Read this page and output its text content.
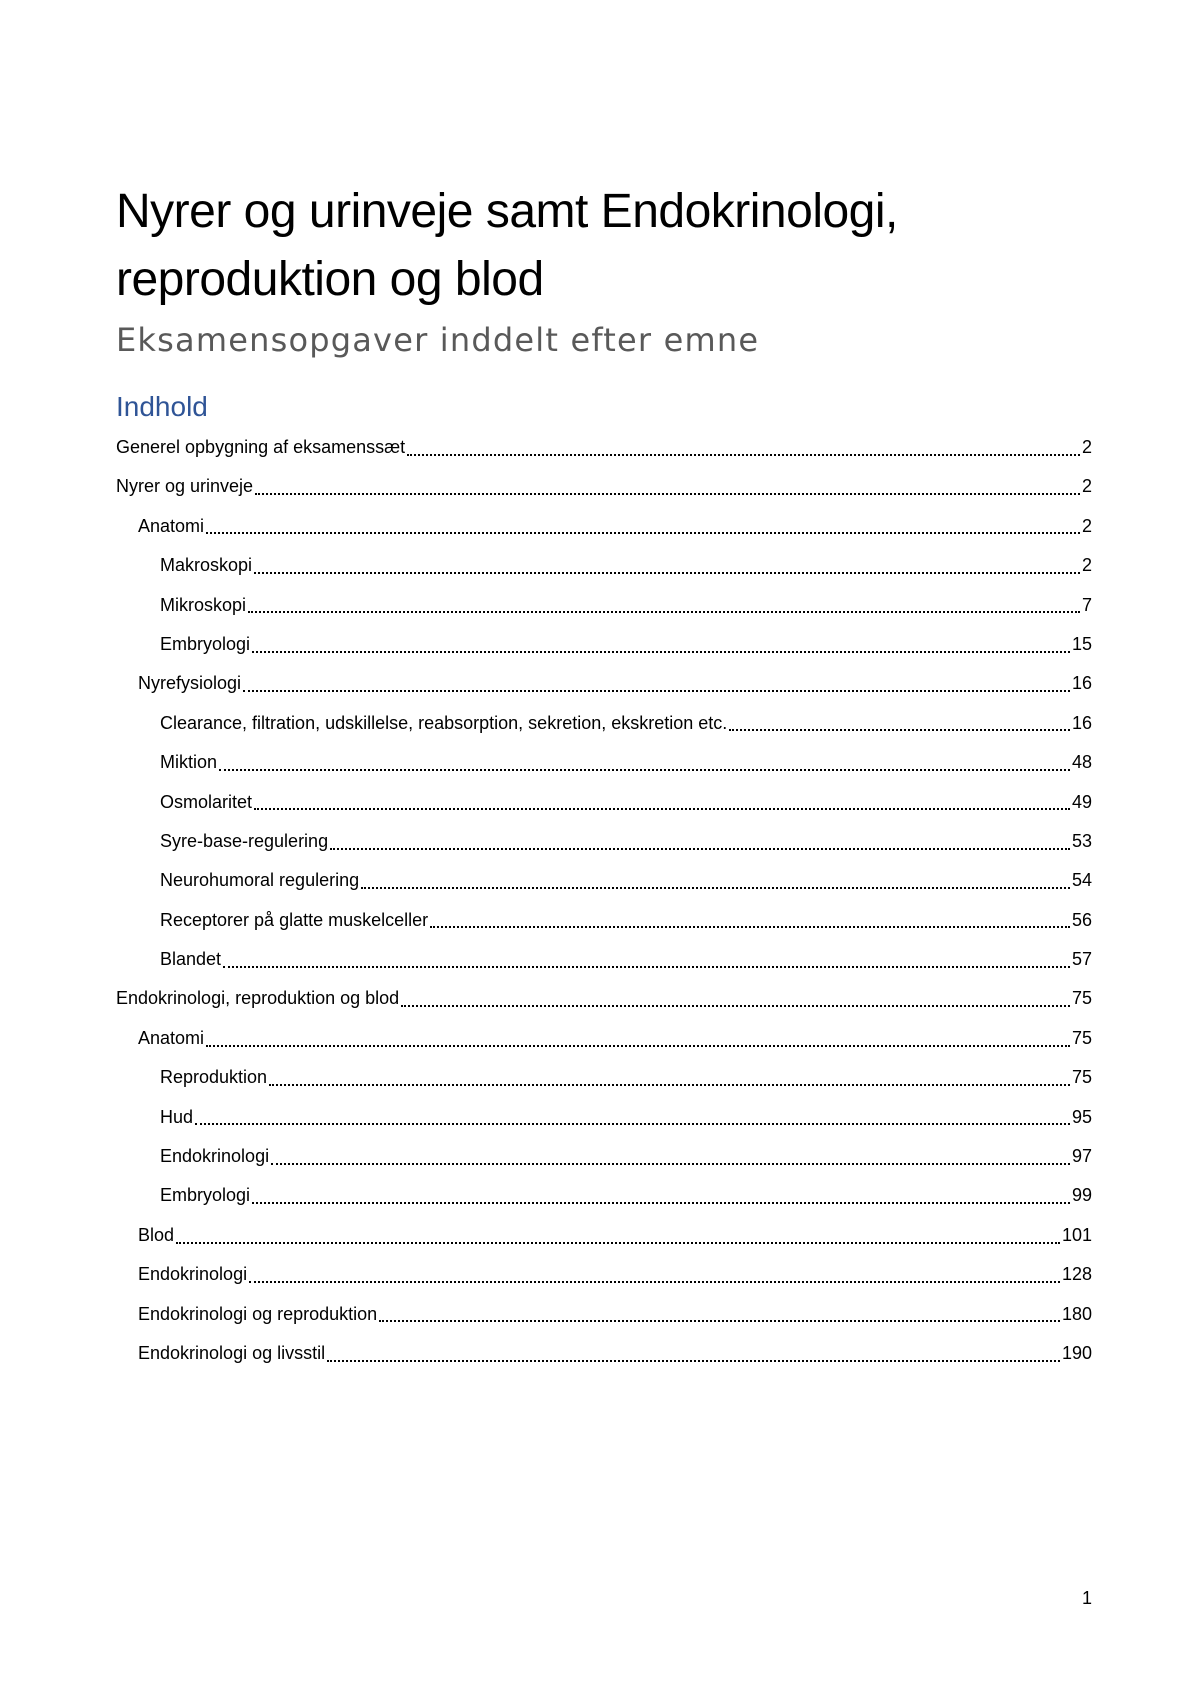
Nyrer og urinveje samt Endokrinologi,
reproduktion og blod
Eksamensopgaver inddelt efter emne
Indhold
Generel opbygning af eksamenssæt	2
Nyrer og urinveje	2
Anatomi	2
Makroskopi	2
Mikroskopi	7
Embryologi	15
Nyrefysiologi	16
Clearance, filtration, udskillelse, reabsorption, sekretion, ekskretion etc.	16
Miktion	48
Osmolaritet	49
Syre-base-regulering	53
Neurohumoral regulering	54
Receptorer på glatte muskelceller	56
Blandet	57
Endokrinologi, reproduktion og blod	75
Anatomi	75
Reproduktion	75
Hud	95
Endokrinologi	97
Embryologi	99
Blod	101
Endokrinologi	128
Endokrinologi og reproduktion	180
Endokrinologi og livsstil	190
1
